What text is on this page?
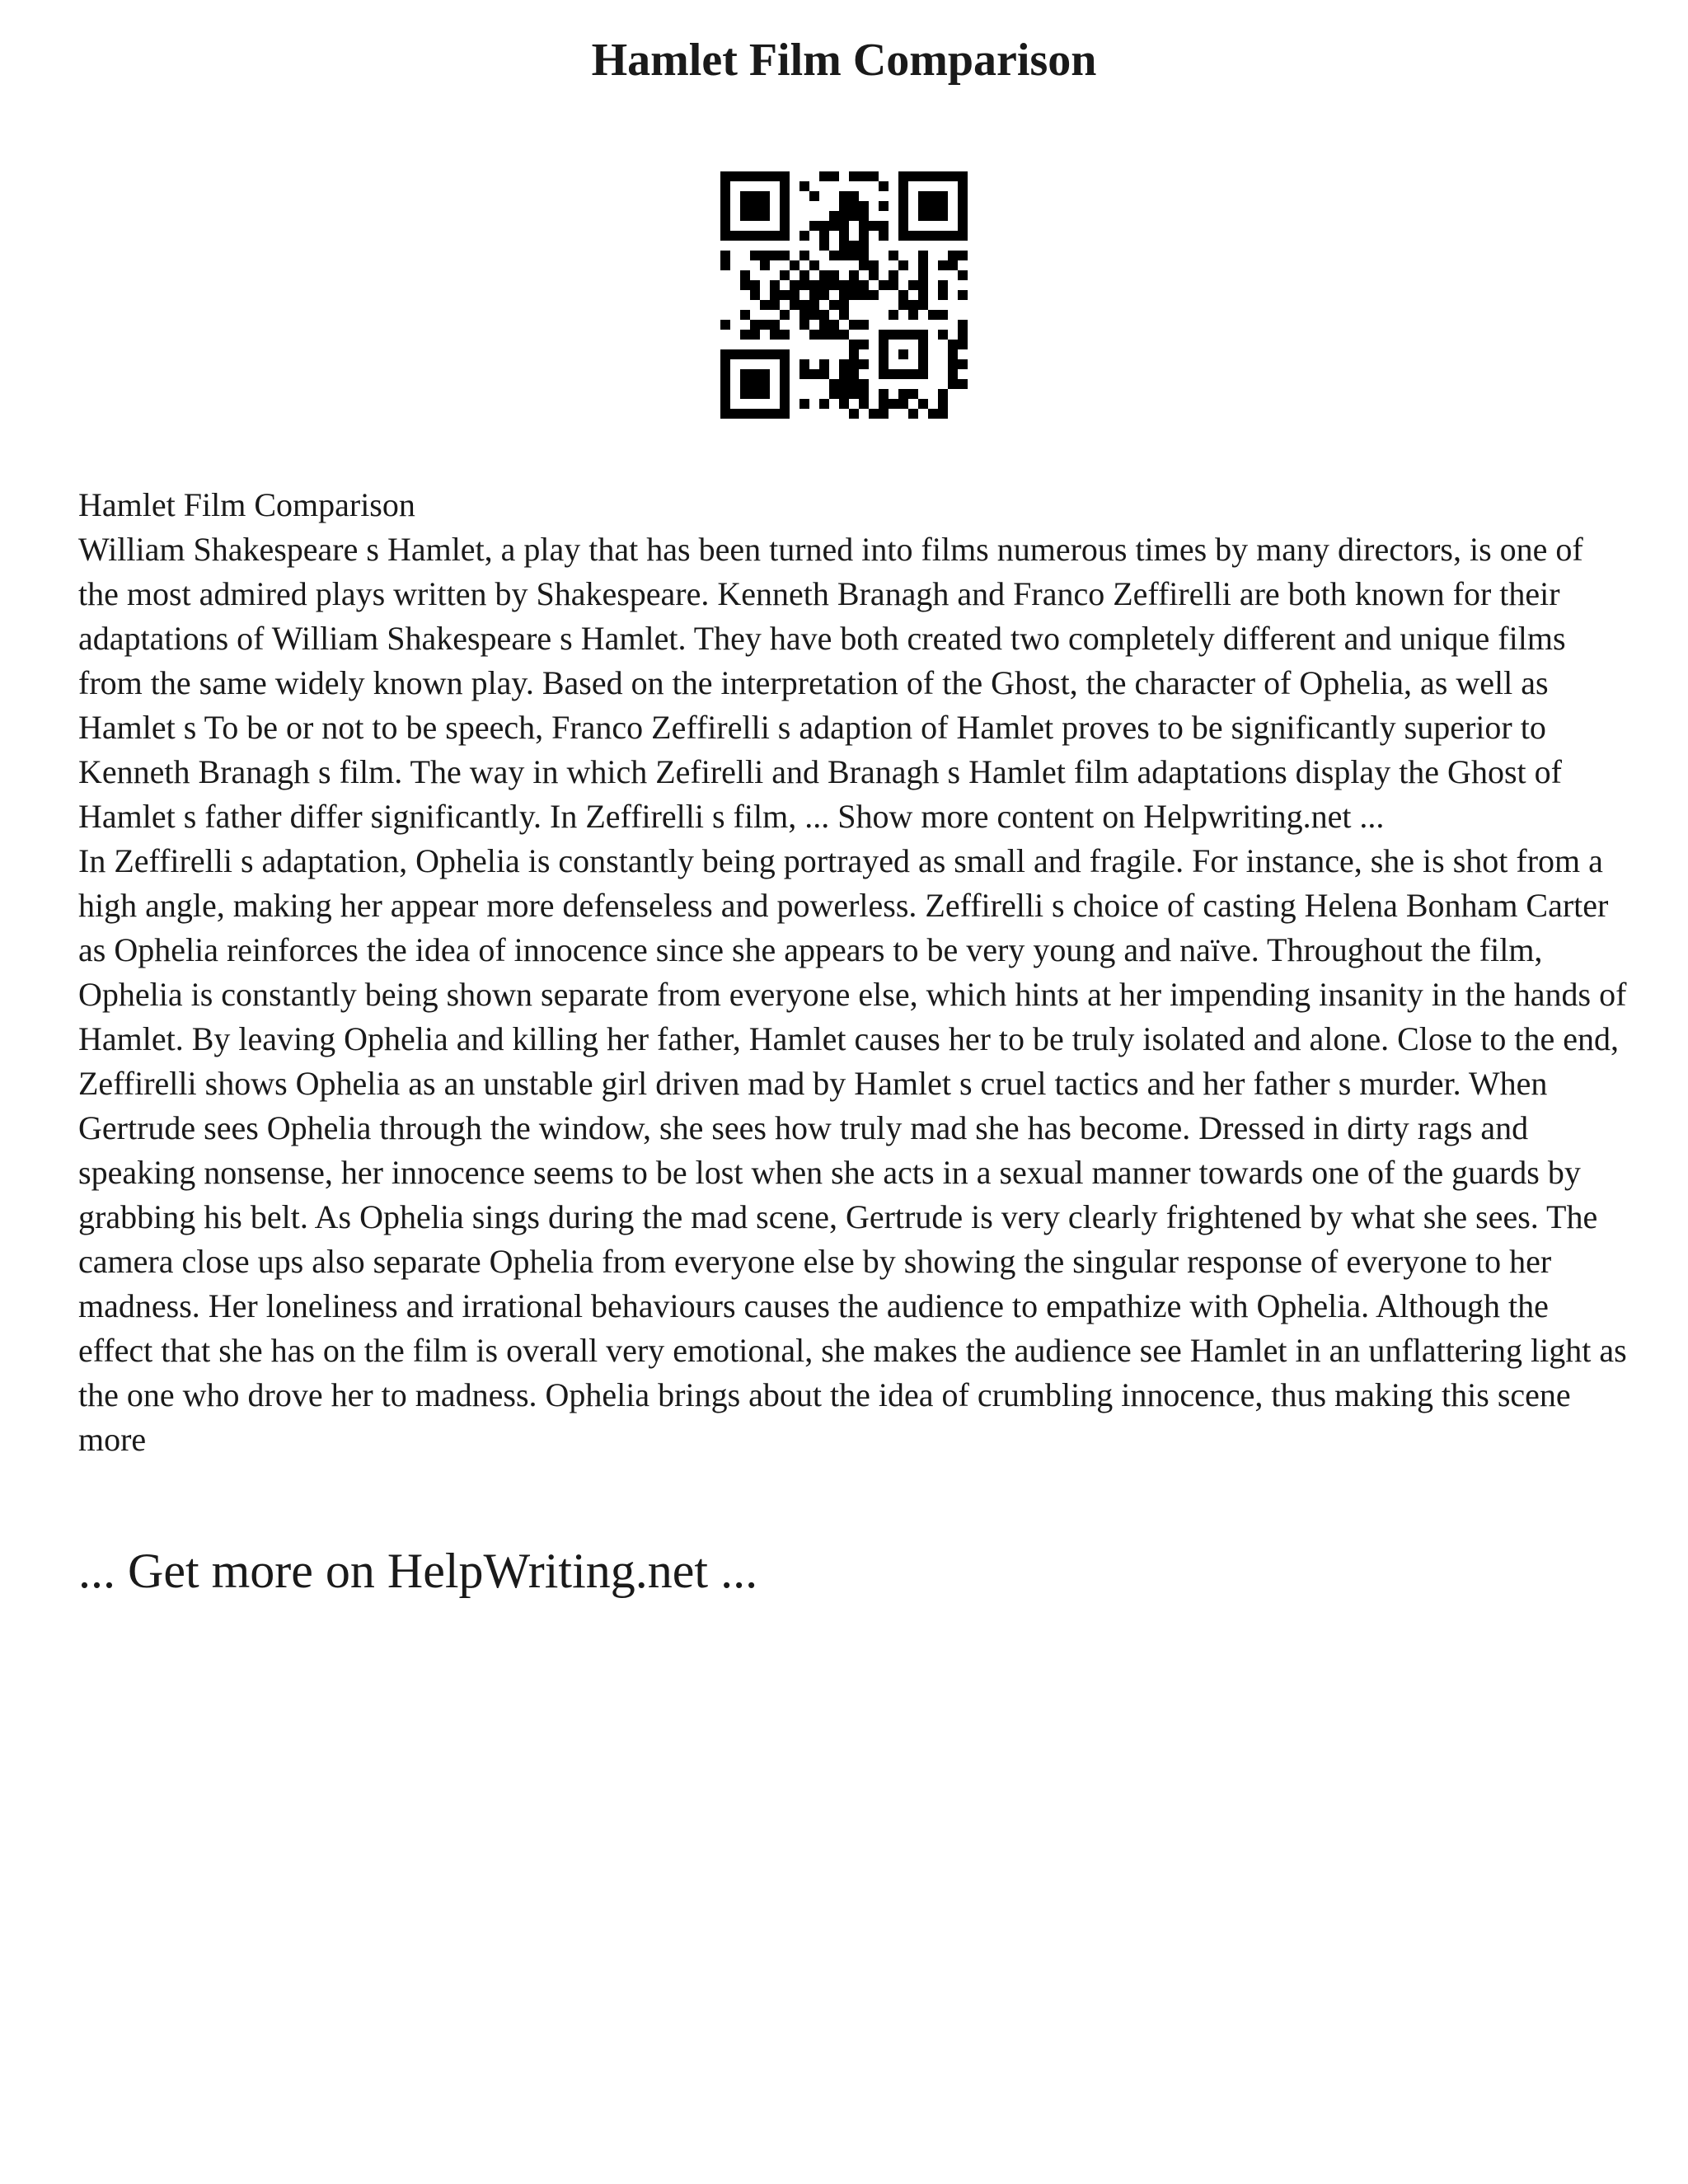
Hamlet Film Comparison

Hamlet Film Comparison

William Shakespeare s Hamlet, a play that has been turned into films numerous times by many directors, is one of the most admired plays written by Shakespeare. Kenneth Branagh and Franco Zeffirelli are both known for their adaptations of William Shakespeare s Hamlet. They have both created two completely different and unique films from the same widely known play. Based on the interpretation of the Ghost, the character of Ophelia, as well as Hamlet s To be or not to be speech, Franco Zeffirelli s adaption of Hamlet proves to be significantly superior to Kenneth Branagh s film. The way in which Zefirelli and Branagh s Hamlet film adaptations display the Ghost of Hamlet s father differ significantly. In Zeffirelli s film, ... Show more content on Helpwriting.net ...

In Zeffirelli s adaptation, Ophelia is constantly being portrayed as small and fragile. For instance, she is shot from a high angle, making her appear more defenseless and powerless. Zeffirelli s choice of casting Helena Bonham Carter as Ophelia reinforces the idea of innocence since she appears to be very young and naïve. Throughout the film, Ophelia is constantly being shown separate from everyone else, which hints at her impending insanity in the hands of Hamlet. By leaving Ophelia and killing her father, Hamlet causes her to be truly isolated and alone. Close to the end, Zeffirelli shows Ophelia as an unstable girl driven mad by Hamlet s cruel tactics and her father s murder. When Gertrude sees Ophelia through the window, she sees how truly mad she has become. Dressed in dirty rags and speaking nonsense, her innocence seems to be lost when she acts in a sexual manner towards one of the guards by grabbing his belt. As Ophelia sings during the mad scene, Gertrude is very clearly frightened by what she sees. The camera close ups also separate Ophelia from everyone else by showing the singular response of everyone to her madness. Her loneliness and irrational behaviours causes the audience to empathize with Ophelia. Although the effect that she has on the film is overall very emotional, she makes the audience see Hamlet in an unflattering light as the one who drove her to madness. Ophelia brings about the idea of crumbling innocence, thus making this scene more

... Get more on HelpWriting.net ...
